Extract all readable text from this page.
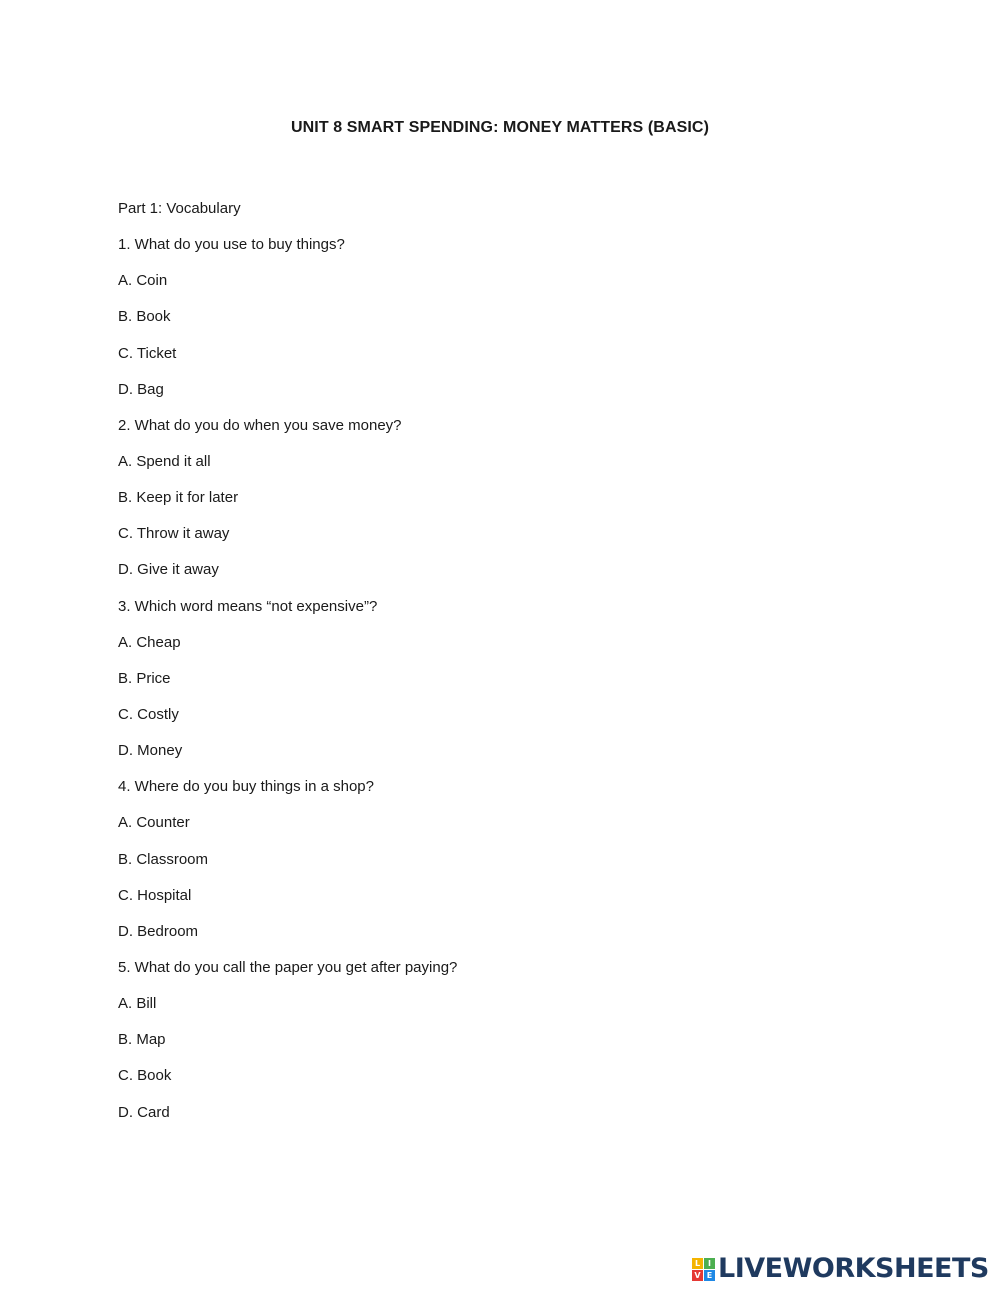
UNIT 8 SMART SPENDING: MONEY MATTERS (BASIC)
Part 1: Vocabulary
1. What do you use to buy things?
A. Coin
B. Book
C. Ticket
D. Bag
2. What do you do when you save money?
A. Spend it all
B. Keep it for later
C. Throw it away
D. Give it away
3. Which word means “not expensive”?
A. Cheap
B. Price
C. Costly
D. Money
4. Where do you buy things in a shop?
A. Counter
B. Classroom
C. Hospital
D. Bedroom
5. What do you call the paper you get after paying?
A. Bill
B. Map
C. Book
D. Card
L I
V E LIVEWORKSHEETS
